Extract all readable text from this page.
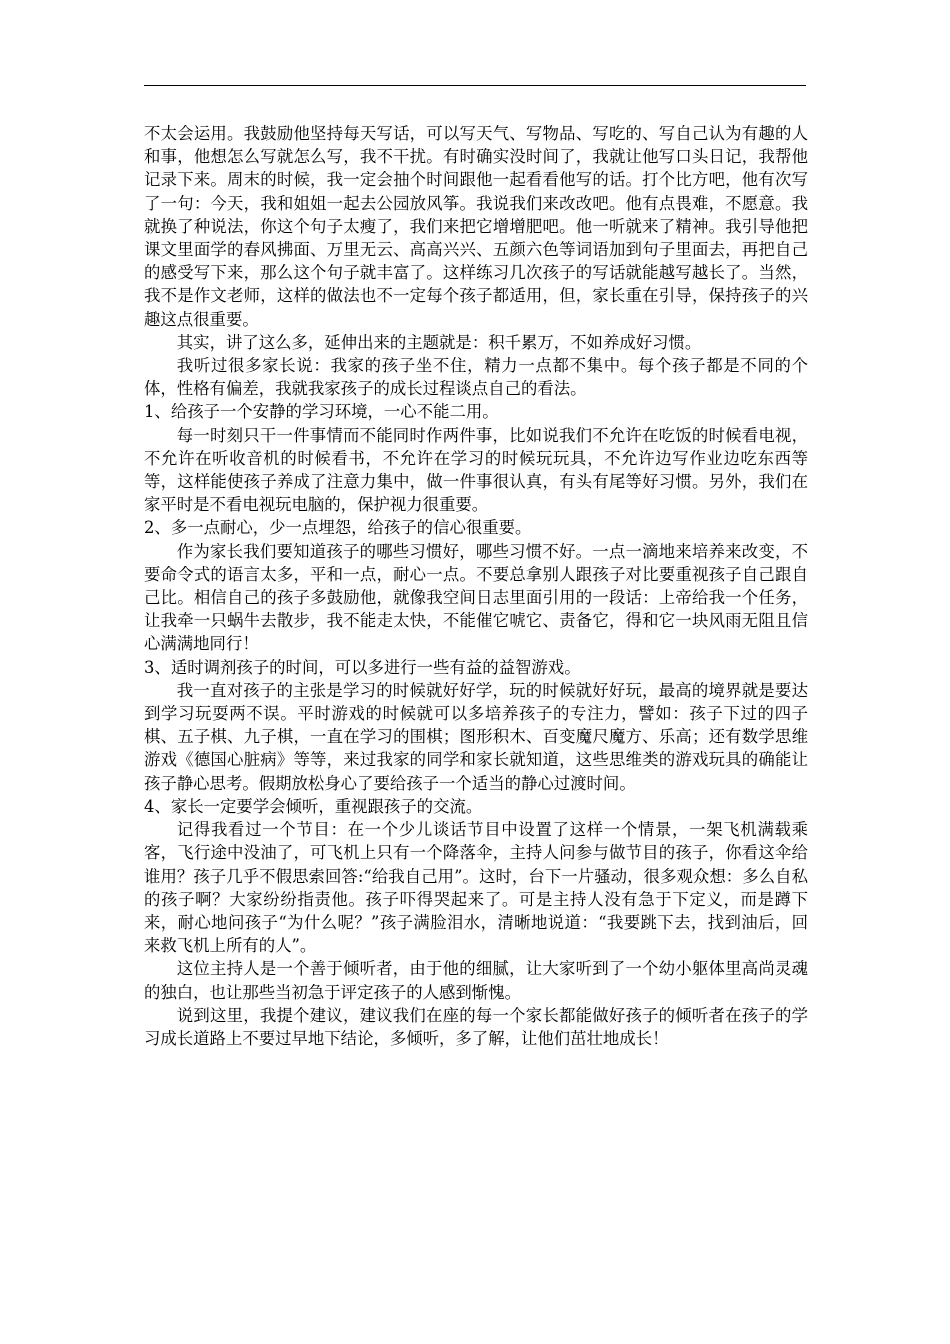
不太会运用。我鼓励他坚持每天写话，可以写天气、写物品、写吃的、写自己认为有趣的人和事，他想怎么写就怎么写，我不干扰。有时确实没时间了，我就让他写口头日记，我帮他记录下来。周末的时候，我一定会抽个时间跟他一起看看他写的话。打个比方吧，他有次写了一句：今天，我和姐姐一起去公园放风筝。我说我们来改改吧。他有点畏难，不愿意。我就换了种说法，你这个句子太瘦了，我们来把它增增肥吧。他一听就来了精神。我引导他把课文里面学的春风拂面、万里无云、高高兴兴、五颜六色等词语加到句子里面去，再把自己的感受写下来，那么这个句子就丰富了。这样练习几次孩子的写话就能越写越长了。当然，我不是作文老师，这样的做法也不一定每个孩子都适用，但，家长重在引导，保持孩子的兴趣这点很重要。

其实，讲了这么多，延伸出来的主题就是：积千累万，不如养成好习惯。

我听过很多家长说：我家的孩子坐不住，精力一点都不集中。每个孩子都是不同的个体，性格有偏差，我就我家孩子的成长过程谈点自己的看法。

1、给孩子一个安静的学习环境，一心不能二用。

每一时刻只干一件事情而不能同时作两件事，比如说我们不允许在吃饭的时候看电视，不允许在听收音机的时候看书，不允许在学习的时候玩玩具，不允许边写作业边吃东西等等，这样能使孩子养成了注意力集中，做一件事很认真，有头有尾等好习惯。另外，我们在家平时是不看电视玩电脑的，保护视力很重要。

2、多一点耐心，少一点埋怨，给孩子的信心很重要。

作为家长我们要知道孩子的哪些习惯好，哪些习惯不好。一点一滴地来培养来改变，不要命令式的语言太多，平和一点，耐心一点。不要总拿别人跟孩子对比要重视孩子自己跟自己比。相信自己的孩子多鼓励他，就像我空间日志里面引用的一段话：上帝给我一个任务，让我牵一只蜗牛去散步，我不能走太快，不能催它唬它、责备它，得和它一块风雨无阻且信心满满地同行！

3、适时调剂孩子的时间，可以多进行一些有益的益智游戏。

我一直对孩子的主张是学习的时候就好好学，玩的时候就好好玩，最高的境界就是要达到学习玩耍两不误。平时游戏的时候就可以多培养孩子的专注力，譬如：孩子下过的四子棋、五子棋、九子棋，一直在学习的围棋；图形积木、百变魔尺魔方、乐高；还有数学思维游戏《德国心脏病》等等，来过我家的同学和家长就知道，这些思维类的游戏玩具的确能让孩子静心思考。假期放松身心了要给孩子一个适当的静心过渡时间。

4、家长一定要学会倾听，重视跟孩子的交流。

记得我看过一个节目：在一个少儿谈话节目中设置了这样一个情景，一架飞机满载乘客，飞行途中没油了，可飞机上只有一个降落伞，主持人问参与做节目的孩子，你看这伞给谁用？孩子几乎不假思索回答:“给我自己用”。这时，台下一片骚动，很多观众想：多么自私的孩子啊？大家纷纷指责他。孩子吓得哭起来了。可是主持人没有急于下定义，而是蹲下来，耐心地问孩子“为什么呢？”孩子满脸泪水，清晰地说道：“我要跳下去，找到油后，回来救飞机上所有的人”。

这位主持人是一个善于倾听者，由于他的细腻，让大家听到了一个幼小躯体里高尚灵魂的独白，也让那些当初急于评定孩子的人感到惭愧。

说到这里，我提个建议，建议我们在座的每一个家长都能做好孩子的倾听者在孩子的学习成长道路上不要过早地下结论，多倾听，多了解，让他们茁壮地成长！
